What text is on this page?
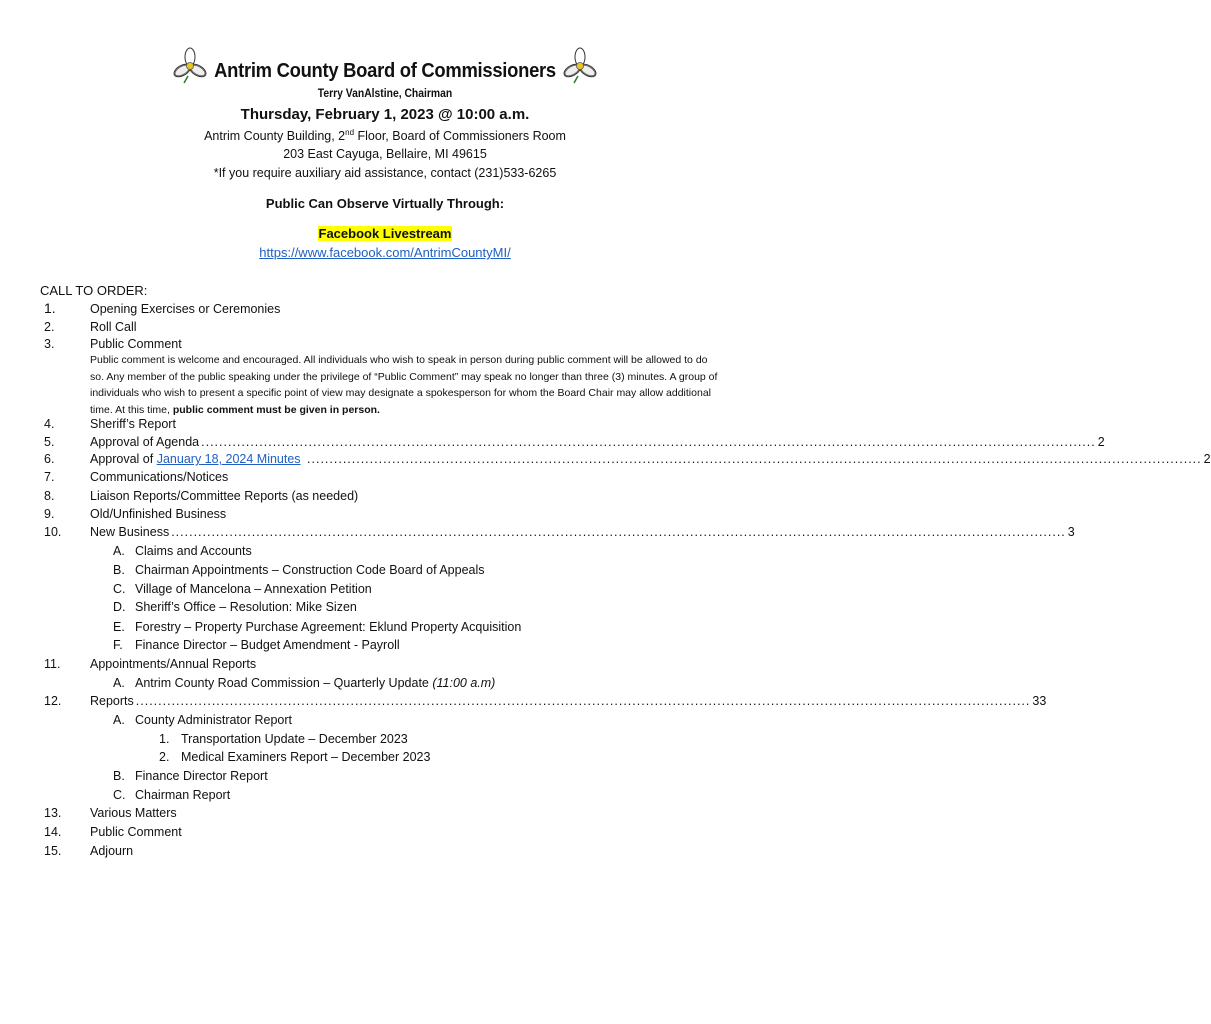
Antrim County Board of Commissioners
Terry VanAlstine, Chairman
Thursday, February 1, 2023 @ 10:00 a.m.
Antrim County Building, 2nd Floor, Board of Commissioners Room
203 East Cayuga, Bellaire, MI 49615
*If you require auxiliary aid assistance, contact (231)533-6265
Public Can Observe Virtually Through:
Facebook Livestream
https://www.facebook.com/AntrimCountyMI/
CALL TO ORDER:
1.	Opening Exercises or Ceremonies
2.	Roll Call
3.	Public Comment
Public comment is welcome and encouraged. All individuals who wish to speak in person during public comment will be allowed to do so. Any member of the public speaking under the privilege of “Public Comment” may speak no longer than three (3) minutes. A group of individuals who wish to present a specific point of view may designate a spokesperson for whom the Board Chair may allow additional time. At this time, public comment must be given in person.
4.	Sheriff’s Report
5.	Approval of Agenda ........................................................................................................................................................................................................ 2
6.	Approval of January 18, 2024 Minutes ........................................................................................................................................................................................................ 2
7.	Communications/Notices
8.	Liaison Reports/Committee Reports (as needed)
9.	Old/Unfinished Business
10.	New Business ........................................................................................................................................................................................................ 3
A. Claims and Accounts
B. Chairman Appointments – Construction Code Board of Appeals
C. Village of Mancelona – Annexation Petition
D. Sheriff’s Office – Resolution: Mike Sizen
E. Forestry – Property Purchase Agreement: Eklund Property Acquisition
F. Finance Director – Budget Amendment - Payroll
11.	Appointments/Annual Reports
A. Antrim County Road Commission – Quarterly Update (11:00 a.m)
12.	Reports ........................................................................................................................................................................................................ 33
A. County Administrator Report
1. Transportation Update – December 2023
2. Medical Examiners Report – December 2023
B. Finance Director Report
C. Chairman Report
13.	Various Matters
14.	Public Comment
15.	Adjourn
